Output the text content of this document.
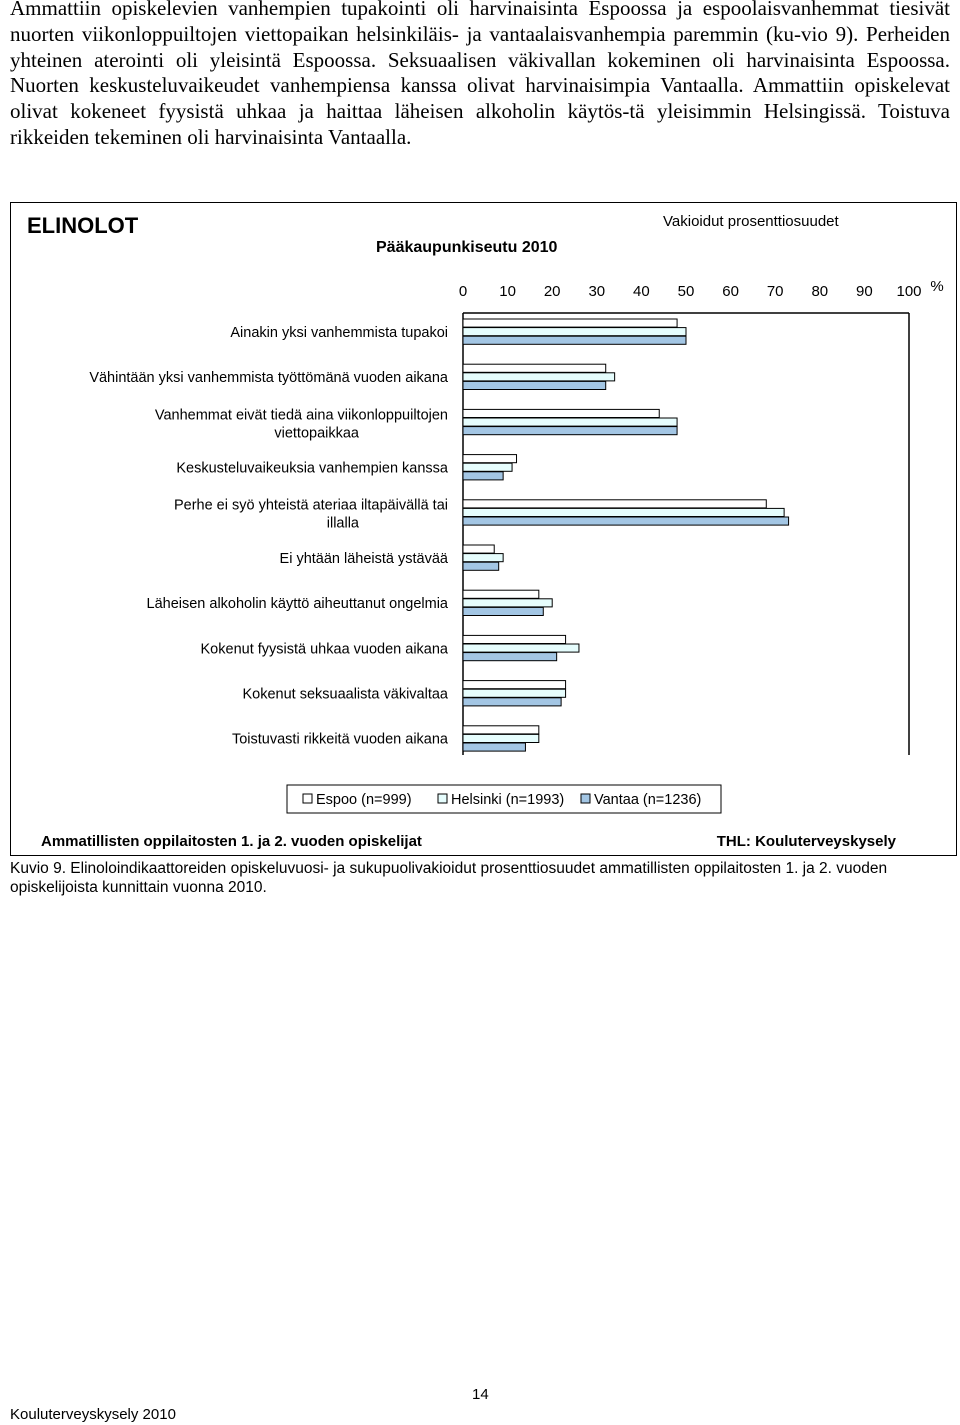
Ammattiin opiskelevien vanhempien tupakointi oli harvinaisinta Espoossa ja espoolaisvanhemmat tiesivät nuorten viikonloppuiltojen viettopaikan helsinkiläis- ja vantaalaisvanhempia paremmin (ku-vio 9). Perheiden yhteinen aterointi oli yleisintä Espoossa. Seksuaalisen väkivallan kokeminen oli harvinaisinta Espoossa. Nuorten keskusteluvaikeudet vanhempiensa kanssa olivat harvinaisimpia Vantaalla. Ammattiin opiskelevat olivat kokeneet fyysistä uhkaa ja haittaa läheisen alkoholin käytös-tä yleisimmin Helsingissä. Toistuva rikkeiden tekeminen oli harvinaisinta Vantaalla.

ELINOLOT
Pääkaupunkiseutu 2010
Vakioidut prosenttiosuudet
0 10 20 30 40 50 60 70 80 90 100 %
Ainakin yksi vanhemmista tupakoi
Vähintään yksi vanhemmista työttömänä vuoden aikana
Vanhemmat eivät tiedä aina viikonloppuiltojen
viettopaikkaa
Keskusteluvaikeuksia vanhempien kanssa
Perhe ei syö yhteistä ateriaa iltapäivällä tai
illalla
Ei yhtään läheistä ystävää
Läheisen alkoholin käyttö aiheuttanut ongelmia
Kokenut fyysistä uhkaa vuoden aikana
Kokenut seksuaalista väkivaltaa
Toistuvasti rikkeitä vuoden aikana
Espoo (n=999)	Helsinki (n=1993) Vantaa (n=1236)
Ammatillisten oppilaitosten 1. ja 2. vuoden opiskelijat	THL: Kouluterveyskysely
Kuvio 9. Elinoloindikaattoreiden opiskeluvuosi- ja sukupuolivakioidut prosenttiosuudet ammatillisten oppilaitosten 1. ja 2. vuoden opiskelijoista kunnittain vuonna 2010.
14
Kouluterveyskysely 2010
